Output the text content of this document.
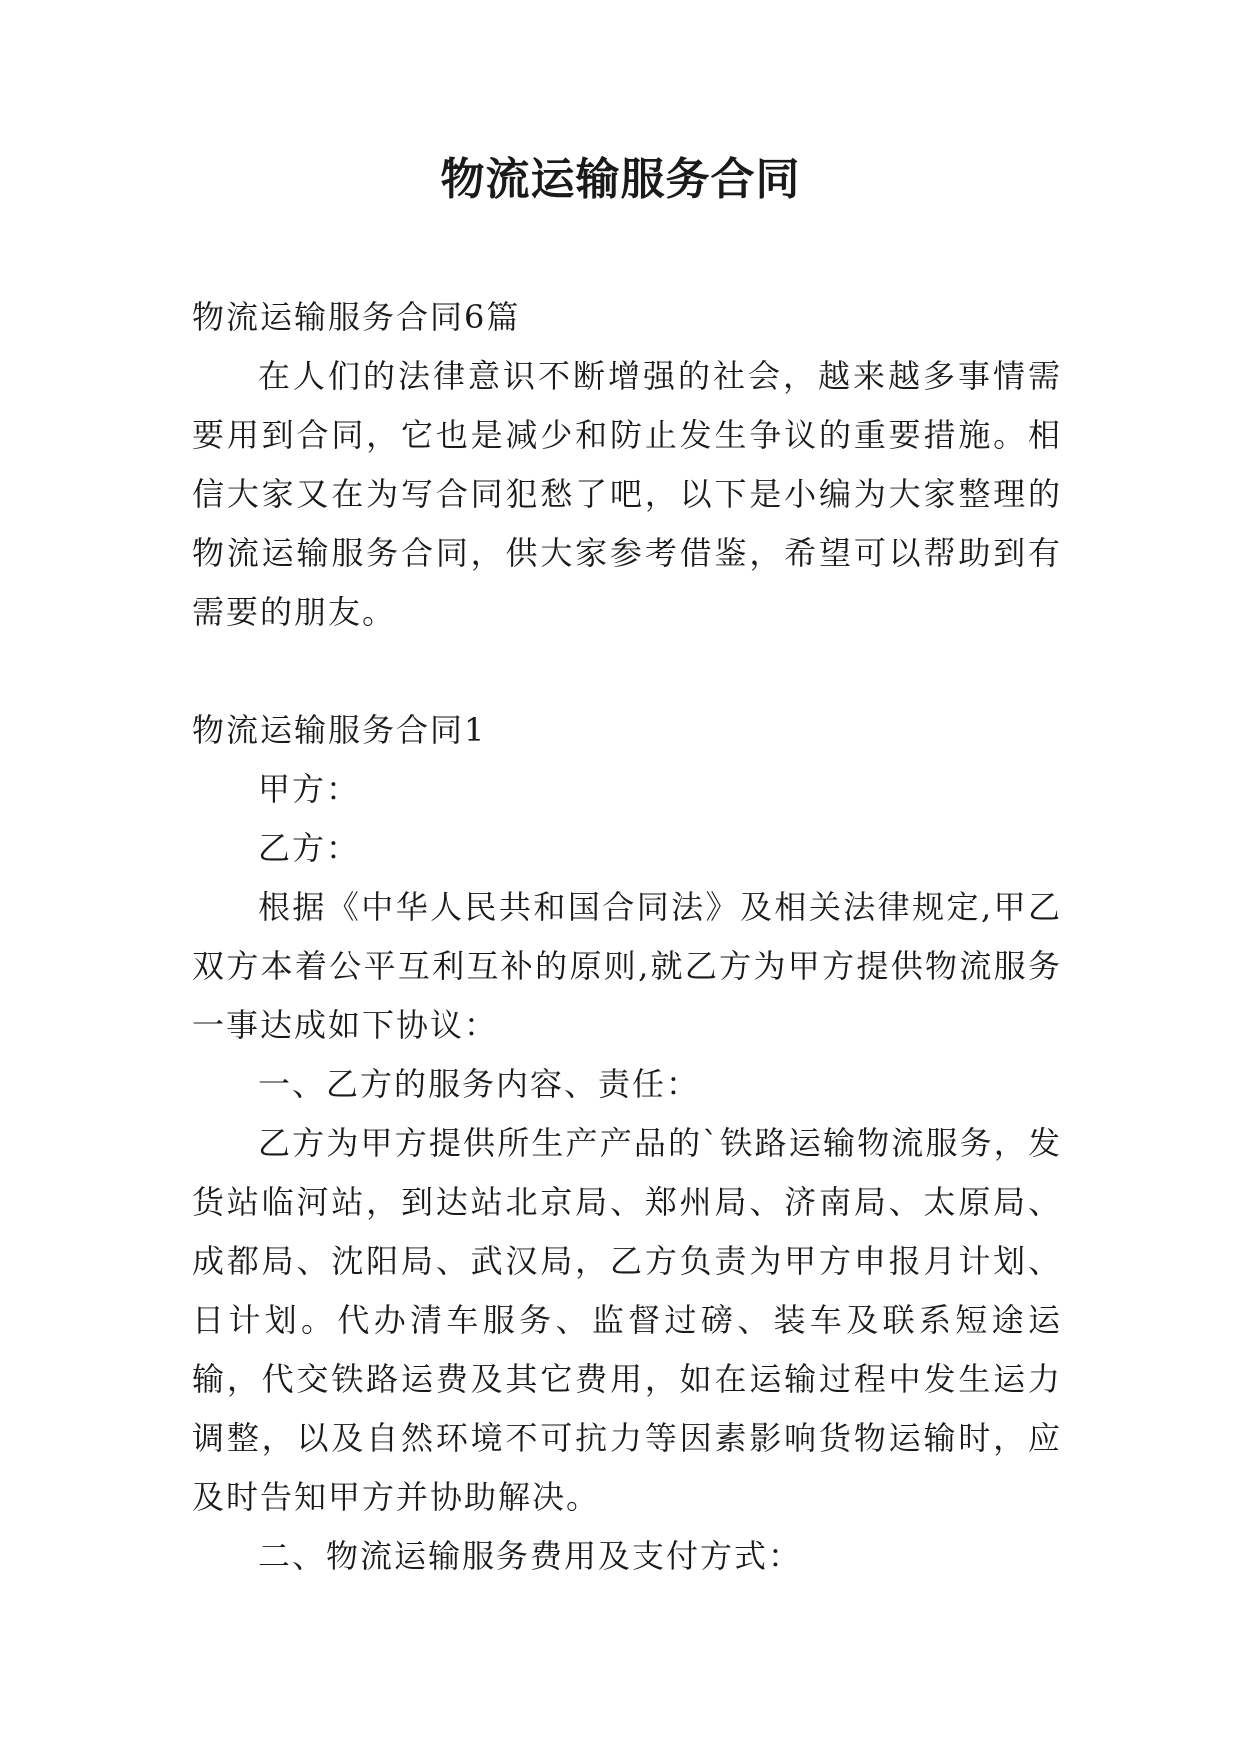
物流运输服务合同

物流运输服务合同6篇

在人们的法律意识不断增强的社会，越来越多事情需要用到合同，它也是减少和防止发生争议的重要措施。相信大家又在为写合同犯愁了吧，以下是小编为大家整理的物流运输服务合同，供大家参考借鉴，希望可以帮助到有需要的朋友。

物流运输服务合同1

甲方：

乙方：

根据《中华人民共和国合同法》及相关法律规定,甲乙双方本着公平互利互补的原则,就乙方为甲方提供物流服务一事达成如下协议：

一、乙方的服务内容、责任：

乙方为甲方提供所生产产品的`铁路运输物流服务，发货站临河站，到达站北京局、郑州局、济南局、太原局、成都局、沈阳局、武汉局，乙方负责为甲方申报月计划、日计划。代办清车服务、监督过磅、装车及联系短途运输，代交铁路运费及其它费用，如在运输过程中发生运力调整，以及自然环境不可抗力等因素影响货物运输时，应及时告知甲方并协助解决。

二、物流运输服务费用及支付方式：
